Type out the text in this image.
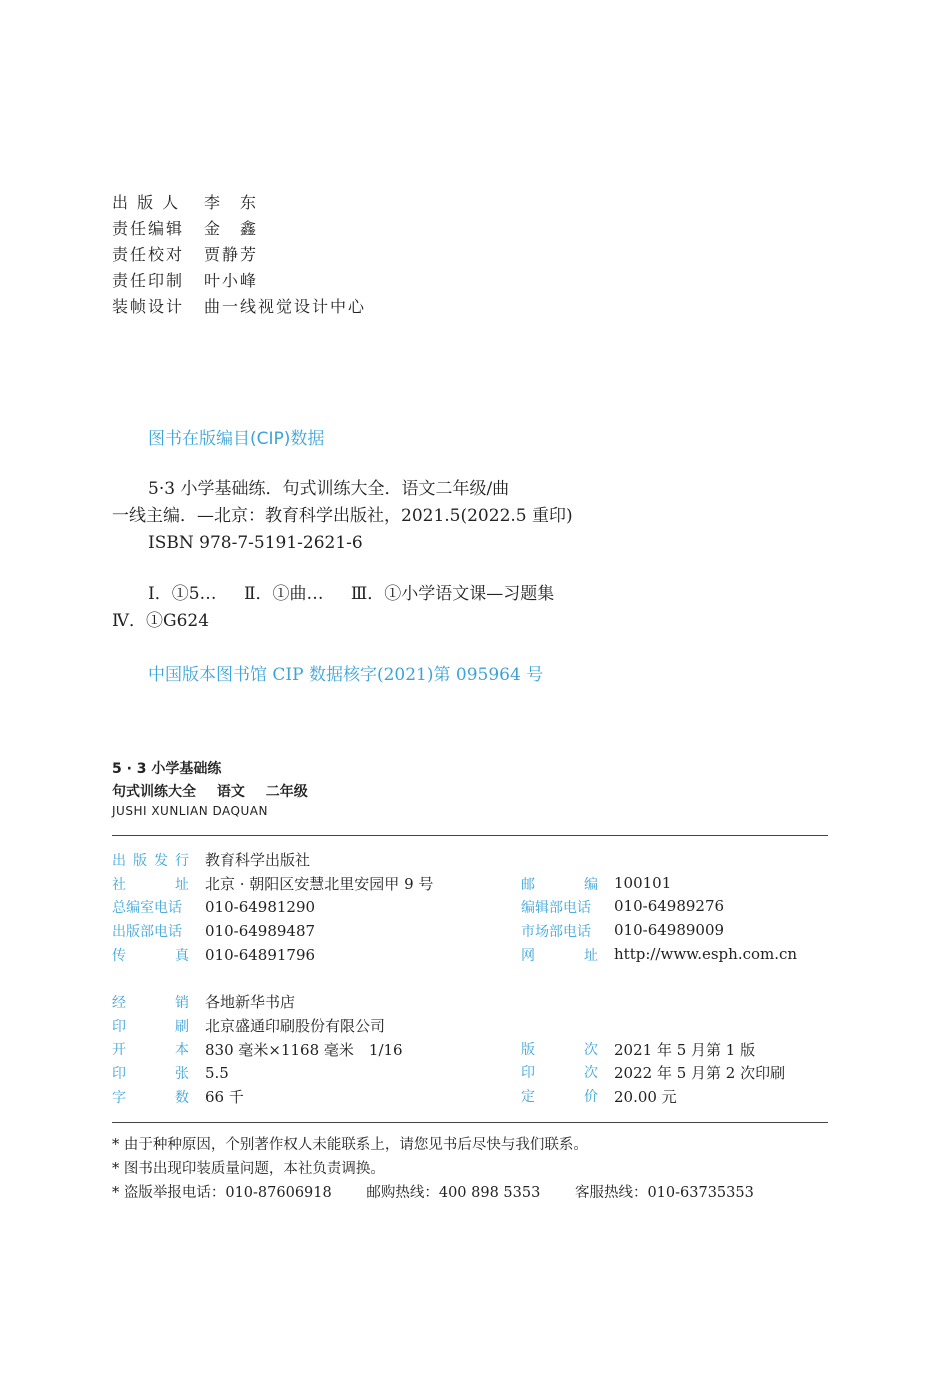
出 版 人	李　东
责任编辑	金　鑫
责任校对	贾静芳
责任印制	叶小峰
装帧设计	曲一线视觉设计中心
图书在版编目(CIP)数据
5·3 小学基础练．句式训练大全．语文二年级/曲
一线主编．—北京：教育科学出版社，2021.5(2022.5 重印)
ISBN 978-7-5191-2621-6
Ⅰ．①5… Ⅱ．①曲… Ⅲ．①小学语文课—习题集
Ⅳ．①G624
中国版本图书馆 CIP 数据核字(2021)第 095964 号
5 · 3 小学基础练
句式训练大全 语文 二年级
JUSHI XUNLIAN DAQUAN
出 版 发 行 教育科学出版社
社	址 北京 · 朝阳区安慧北里安园甲 9 号	邮	编 100101
总编室电话 010-64981290	编辑部电话 010-64989276
出版部电话 010-64989487	市场部电话 010-64989009
传	真 010-64891796	网	址 http://www.esph.com.cn
经	销 各地新华书店
印	刷 北京盛通印刷股份有限公司
开	本 830 毫米×1168 毫米　1/16	版	次 2021 年 5 月第 1 版
印	张 5.5	印	次 2022 年 5 月第 2 次印刷
字	数 66 千	定	价 20.00 元
* 由于种种原因，个别著作权人未能联系上，请您见书后尽快与我们联系。
* 图书出现印装质量问题，本社负责调换。
* 盗版举报电话：010-87606918 邮购热线：400 898 5353 客服热线：010-63735353
